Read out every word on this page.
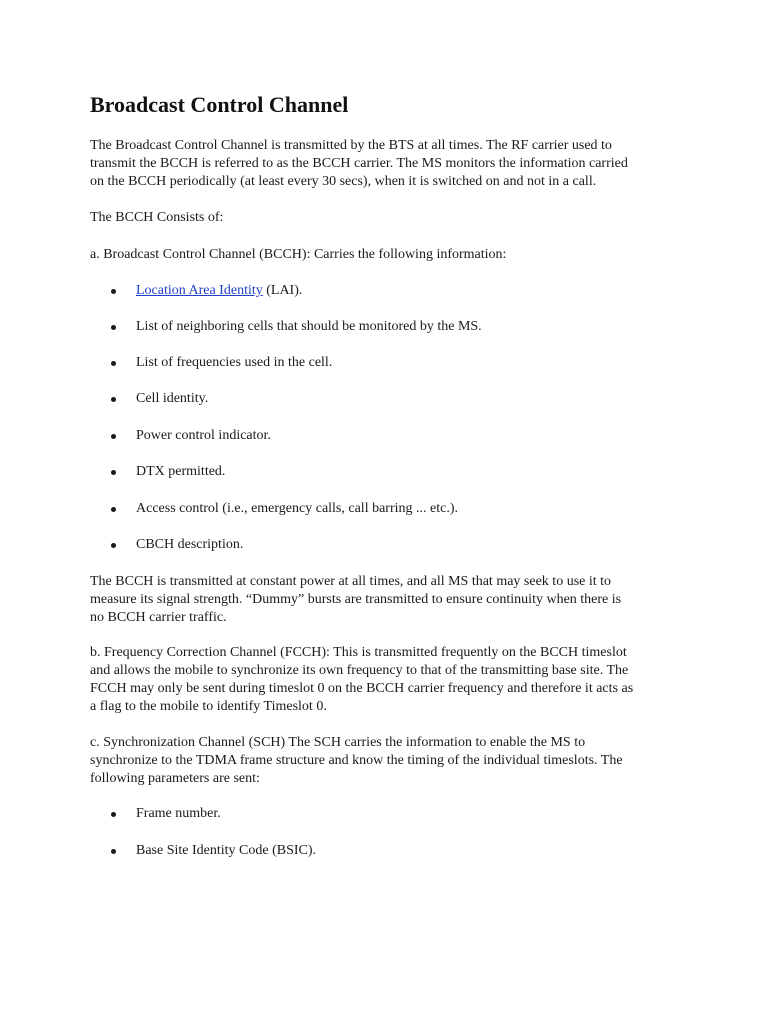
Broadcast Control Channel

The Broadcast Control Channel is transmitted by the BTS at all times. The RF carrier used to
transmit the BCCH is referred to as the BCCH carrier. The MS monitors the information carried
on the BCCH periodically (at least every 30 secs), when it is switched on and not in a call.

The BCCH Consists of:

a. Broadcast Control Channel (BCCH): Carries the following information:

Location Area Identity (LAI).
List of neighboring cells that should be monitored by the MS.
List of frequencies used in the cell.
Cell identity.
Power control indicator.
DTX permitted.
Access control (i.e., emergency calls, call barring ... etc.).
CBCH description.

The BCCH is transmitted at constant power at all times, and all MS that may seek to use it to
measure its signal strength. “Dummy” bursts are transmitted to ensure continuity when there is
no BCCH carrier traffic.

b. Frequency Correction Channel (FCCH): This is transmitted frequently on the BCCH timeslot
and allows the mobile to synchronize its own frequency to that of the transmitting base site. The
FCCH may only be sent during timeslot 0 on the BCCH carrier frequency and therefore it acts as
a flag to the mobile to identify Timeslot 0.

c. Synchronization Channel (SCH) The SCH carries the information to enable the MS to
synchronize to the TDMA frame structure and know the timing of the individual timeslots. The
following parameters are sent:

Frame number.
Base Site Identity Code (BSIC).
